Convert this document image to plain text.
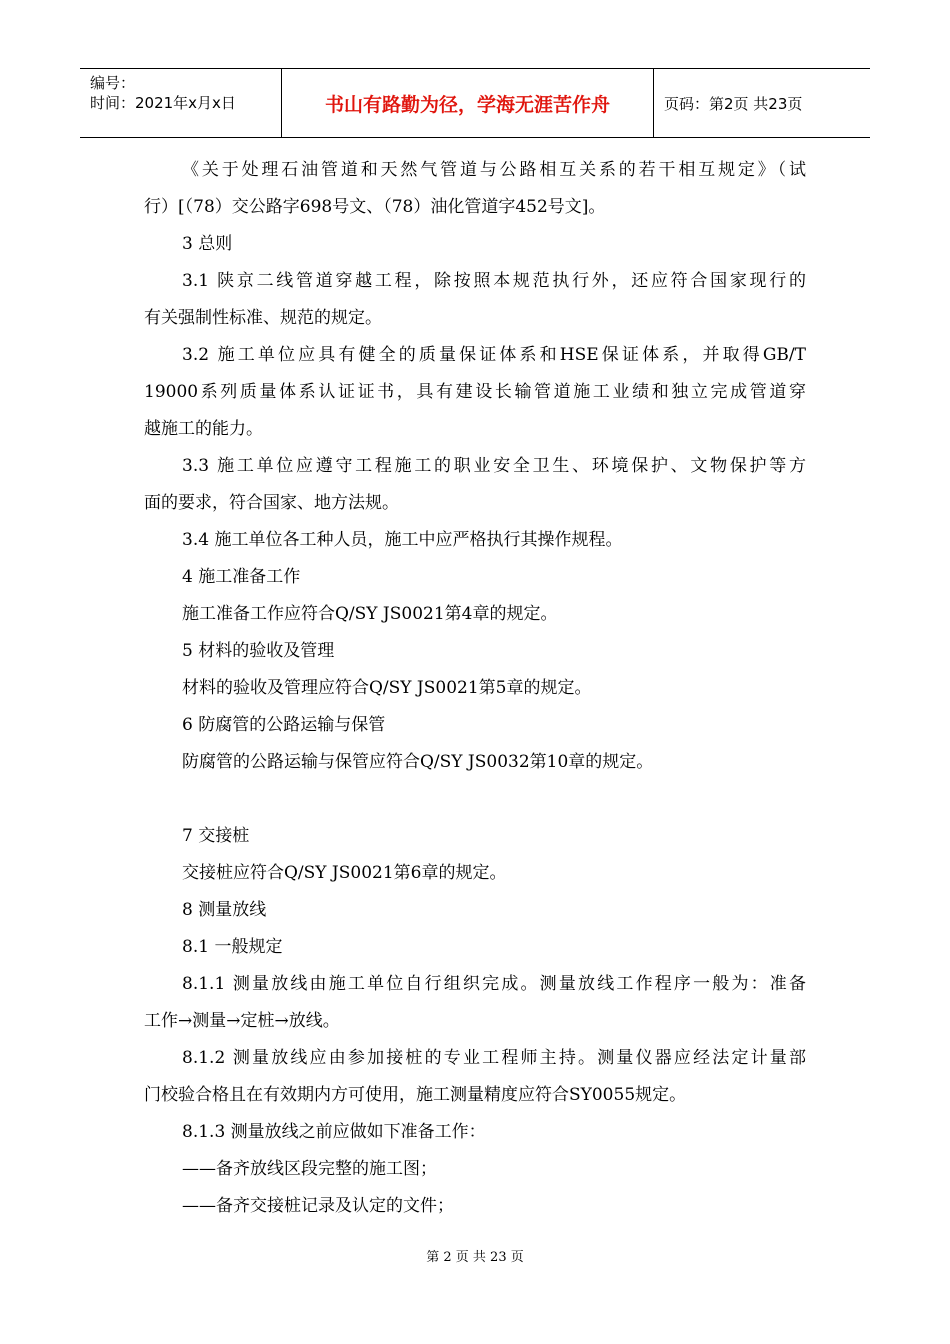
编号：
时间：2021年x月x日	书山有路勤为径，学海无涯苦作舟	页码：第2页 共23页
《关于处理石油管道和天然气管道与公路相互关系的若干相互规定》（试
行）[（78）交公路字698号文、（78）油化管道字452号文]。
3 总则
3.1 陕京二线管道穿越工程，除按照本规范执行外，还应符合国家现行的
有关强制性标准、规范的规定。
3.2 施工单位应具有健全的质量保证体系和HSE保证体系，并取得GB/T
19000系列质量体系认证证书，具有建设长输管道施工业绩和独立完成管道穿
越施工的能力。
3.3 施工单位应遵守工程施工的职业安全卫生、环境保护、文物保护等方
面的要求，符合国家、地方法规。
3.4 施工单位各工种人员，施工中应严格执行其操作规程。
4 施工准备工作
施工准备工作应符合Q/SY JS0021第4章的规定。
5 材料的验收及管理
材料的验收及管理应符合Q/SY JS0021第5章的规定。
6 防腐管的公路运输与保管
防腐管的公路运输与保管应符合Q/SY JS0032第10章的规定。
7 交接桩
交接桩应符合Q/SY JS0021第6章的规定。
8 测量放线
8.1 一般规定
8.1.1 测量放线由施工单位自行组织完成。测量放线工作程序一般为：准备
工作→测量→定桩→放线。
8.1.2 测量放线应由参加接桩的专业工程师主持。测量仪器应经法定计量部
门校验合格且在有效期内方可使用，施工测量精度应符合SY0055规定。
8.1.3 测量放线之前应做如下准备工作：
——备齐放线区段完整的施工图；
——备齐交接桩记录及认定的文件；
第 2 页 共 23 页
